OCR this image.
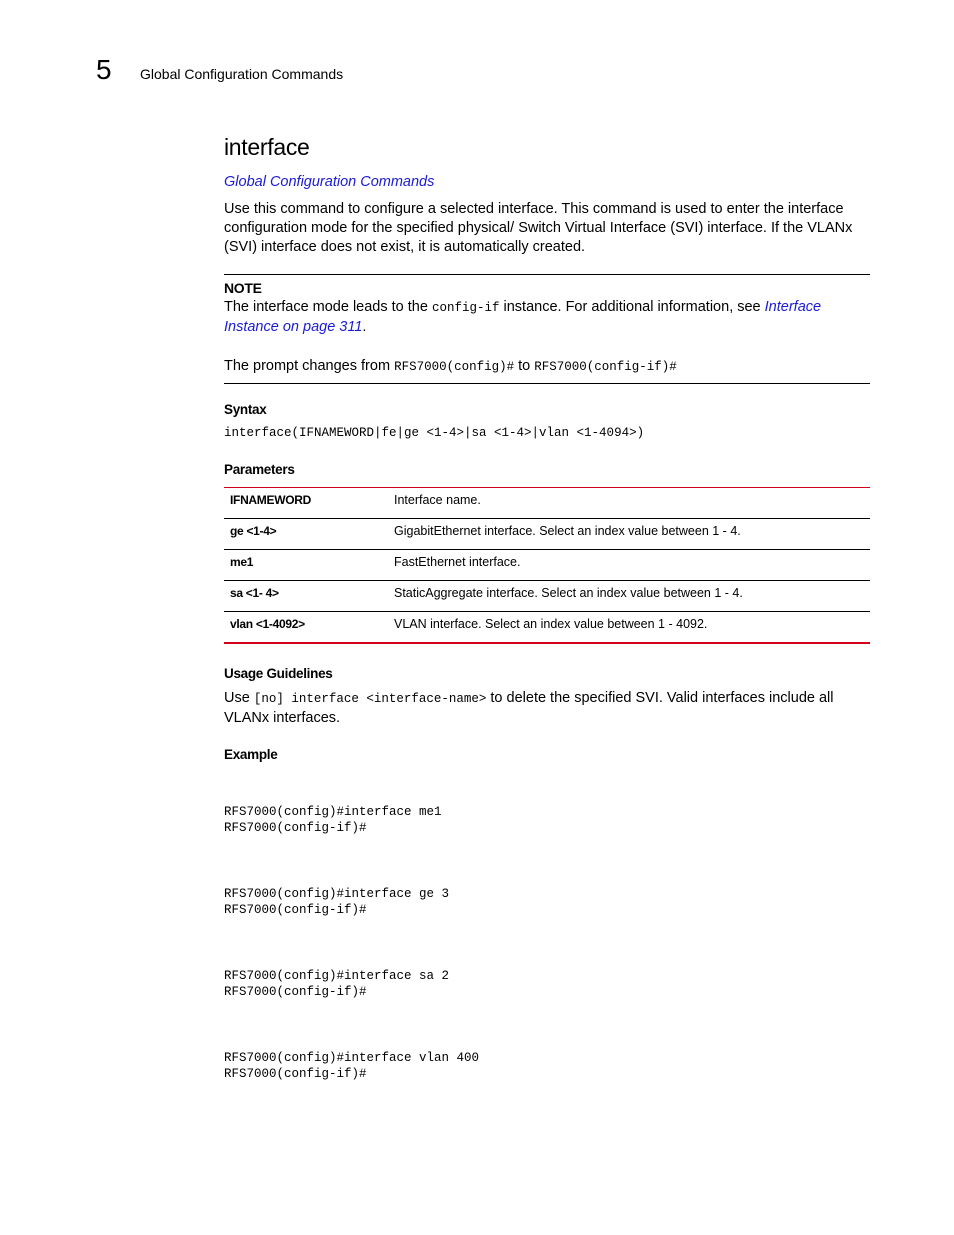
5 Global Configuration Commands
interface
Global Configuration Commands

Use this command to configure a selected interface. This command is used to enter the interface configuration mode for the specified physical/ Switch Virtual Interface (SVI) interface. If the VLANx (SVI) interface does not exist, it is automatically created.

NOTE

The interface mode leads to the config-if instance. For additional information, see Interface Instance on page 311.

The prompt changes from RFS7000(config)# to RFS7000(config-if)#

Syntax
interface(IFNAMEWORD|fe|ge <1-4>|sa <1-4>|vlan <1-4094>)
Parameters
IFNAMEWORD	Interface name.
ge <1-4>	GigabitEthernet interface. Select an index value between 1 - 4.
me1	FastEthernet interface.
sa <1- 4>	StaticAggregate interface. Select an index value between 1 - 4.
vlan <1-4092>	VLAN interface. Select an index value between 1 - 4092.
Usage Guidelines

Use [no] interface <interface-name> to delete the specified SVI. Valid interfaces include all VLANx interfaces.

Example

RFS7000(config)#interface me1
RFS7000(config-if)#

RFS7000(config)#interface ge 3
RFS7000(config-if)#

RFS7000(config)#interface sa 2
RFS7000(config-if)#

RFS7000(config)#interface vlan 400
RFS7000(config-if)#
